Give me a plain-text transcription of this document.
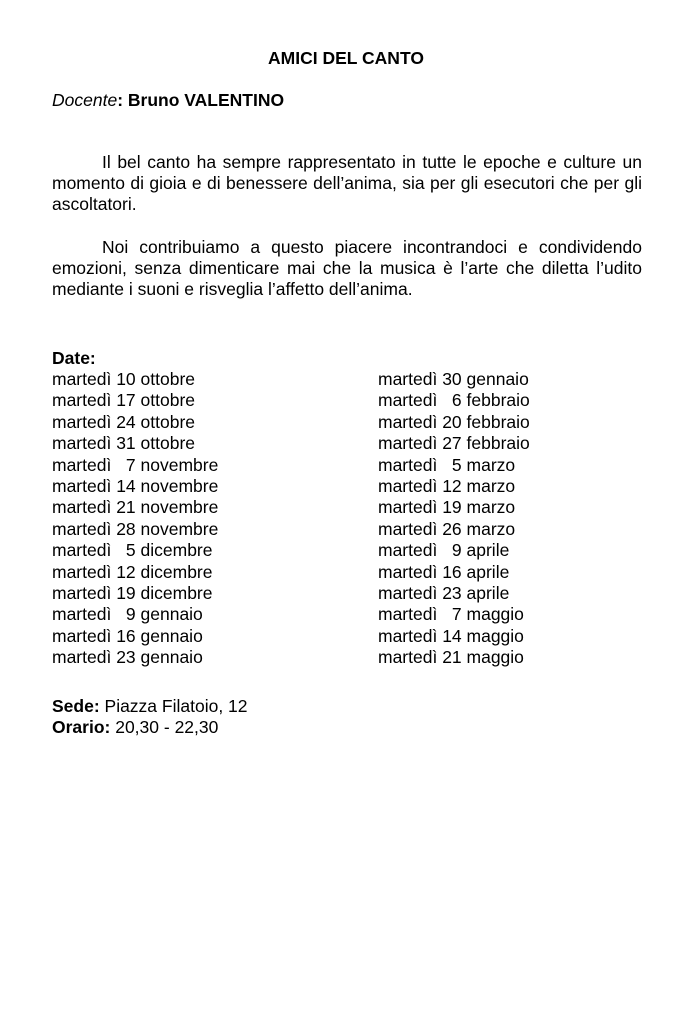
AMICI DEL CANTO
Docente: Bruno VALENTINO

Il bel canto ha sempre rappresentato in tutte le epoche e culture un momento di gioia e di benessere dell’anima, sia per gli esecutori che per gli ascoltatori.

Noi contribuiamo a questo piacere incontrandoci e condividendo emozioni, senza dimenticare mai che la musica è l’arte che diletta l’udito mediante i suoni e risveglia l’affetto dell’anima.

Date:
martedì 10 ottobre
martedì 17 ottobre
martedì 24 ottobre
martedì 31 ottobre
martedì   7 novembre
martedì 14 novembre
martedì 21 novembre
martedì 28 novembre
martedì   5 dicembre
martedì 12 dicembre
martedì 19 dicembre
martedì   9 gennaio
martedì 16 gennaio
martedì 23 gennaio
martedì 30 gennaio
martedì   6 febbraio
martedì 20 febbraio
martedì 27 febbraio
martedì   5 marzo
martedì 12 marzo
martedì 19 marzo
martedì 26 marzo
martedì   9 aprile
martedì 16 aprile
martedì 23 aprile
martedì   7 maggio
martedì 14 maggio
martedì 21 maggio
Sede: Piazza Filatoio, 12
Orario: 20,30 - 22,30
